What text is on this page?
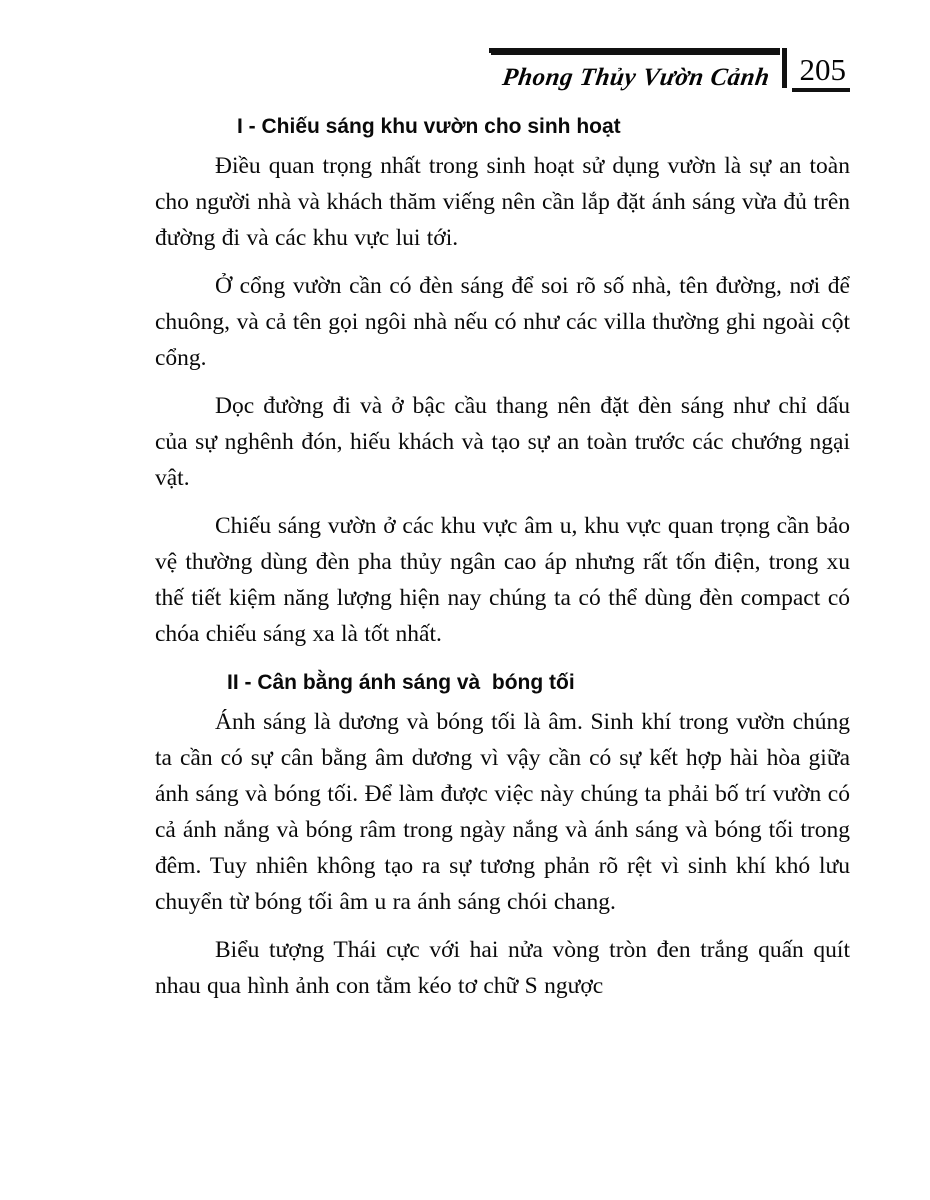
Phong Thủy Vườn Cảnh 205
I - Chiếu sáng khu vườn cho sinh hoạt

Điều quan trọng nhất trong sinh hoạt sử dụng vườn là sự an toàn cho người nhà và khách thăm viếng nên cần lắp đặt ánh sáng vừa đủ trên đường đi và các khu vực lui tới.

Ở cổng vườn cần có đèn sáng để soi rõ số nhà, tên đường, nơi để chuông, và cả tên gọi ngôi nhà nếu có như các villa thường ghi ngoài cột cổng.

Dọc đường đi và ở bậc cầu thang nên đặt đèn sáng như chỉ dấu của sự nghênh đón, hiếu khách và tạo sự an toàn trước các chướng ngại vật.

Chiếu sáng vườn ở các khu vực âm u, khu vực quan trọng cần bảo vệ thường dùng đèn pha thủy ngân cao áp nhưng rất tốn điện, trong xu thế tiết kiệm năng lượng hiện nay chúng ta có thể dùng đèn compact có chóa chiếu sáng xa là tốt nhất.

II - Cân bằng ánh sáng và  bóng tối

Ánh sáng là dương và bóng tối là âm. Sinh khí trong vườn chúng ta cần có sự cân bằng âm dương vì vậy cần có sự kết hợp hài hòa giữa ánh sáng và bóng tối. Để làm được việc này chúng ta phải bố trí vườn có cả ánh nắng và bóng râm trong ngày nắng và ánh sáng và bóng tối trong đêm. Tuy nhiên không tạo ra sự tương phản rõ rệt vì sinh khí khó lưu chuyển từ bóng tối âm u ra ánh sáng chói chang.

Biểu tượng Thái cực với hai nửa vòng tròn đen trắng quấn quít nhau qua hình ảnh con tằm kéo tơ chữ S ngược
